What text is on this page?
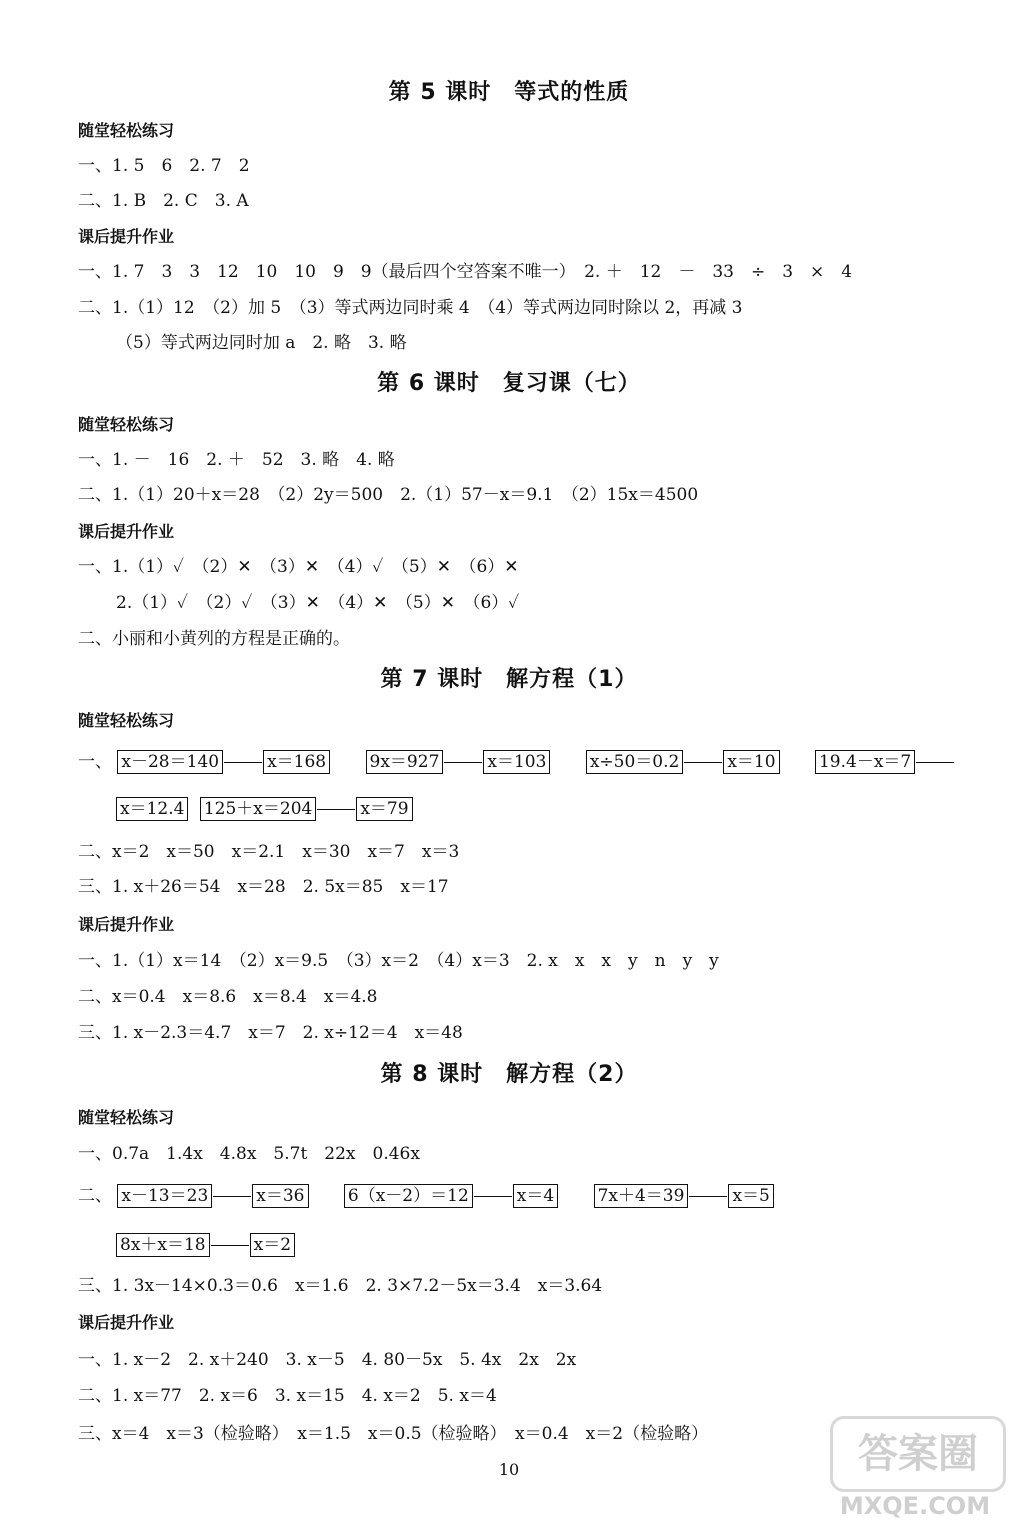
第 5 课时　等式的性质
随堂轻松练习
一、1. 5　6　2. 7　2
二、1. B　2. C　3. A
课后提升作业
一、1. 7　3　3　12　10　10　9　9（最后四个空答案不唯一）　2. ＋　12　－　33　÷　3　×　4
二、1.（1）12　（2）加 5　（3）等式两边同时乘 4　（4）等式两边同时除以 2，再减 3
（5）等式两边同时加 a　2. 略　3. 略
第 6 课时　复习课（七）
随堂轻松练习
一、1. －　16　2. ＋　52　3. 略　4. 略
二、1.（1）20＋x＝28　（2）2y＝500　2.（1）57－x＝9.1　（2）15x＝4500
课后提升作业
一、1.（1）✓　（2）✕　（3）✕　（4）✓　（5）✕　（6）✕
2.（1）✓　（2）✓　（3）✕　（4）✕　（5）✕　（6）✓
二、小丽和小黄列的方程是正确的。
第 7 课时　解方程（1）
随堂轻松练习
一、 x－28＝140	x＝168	9x＝927	x＝103	x÷50＝0.2	x＝10	19.4－x＝7
x＝12.4 125＋x＝204	x＝79
二、x＝2　x＝50　x＝2.1　x＝30　x＝7　x＝3
三、1. x＋26＝54　x＝28　2. 5x＝85　x＝17
课后提升作业
一、1.（1）x＝14　（2）x＝9.5　（3）x＝2　（4）x＝3　2. x　x　x　y　n　y　y
二、x＝0.4　x＝8.6　x＝8.4　x＝4.8
三、1. x－2.3＝4.7　x＝7　2. x÷12＝4　x＝48
第 8 课时　解方程（2）
随堂轻松练习
一、0.7a　1.4x　4.8x　5.7t　22x　0.46x
二、 x－13＝23	x＝36	6（x－2）＝12	x＝4	7x＋4＝39	x＝5
8x＋x＝18	x＝2
三、1. 3x－14×0.3＝0.6　x＝1.6　2. 3×7.2－5x＝3.4　x＝3.64
课后提升作业
一、1. x－2　2. x＋240　3. x－5　4. 80－5x　5. 4x　2x　2x
二、1. x＝77　2. x＝6　3. x＝15　4. x＝2　5. x＝4
三、x＝4　x＝3（检验略）　x＝1.5　x＝0.5（检验略）　x＝0.4　x＝2（检验略）
10	答案圈
MXQE.COM
